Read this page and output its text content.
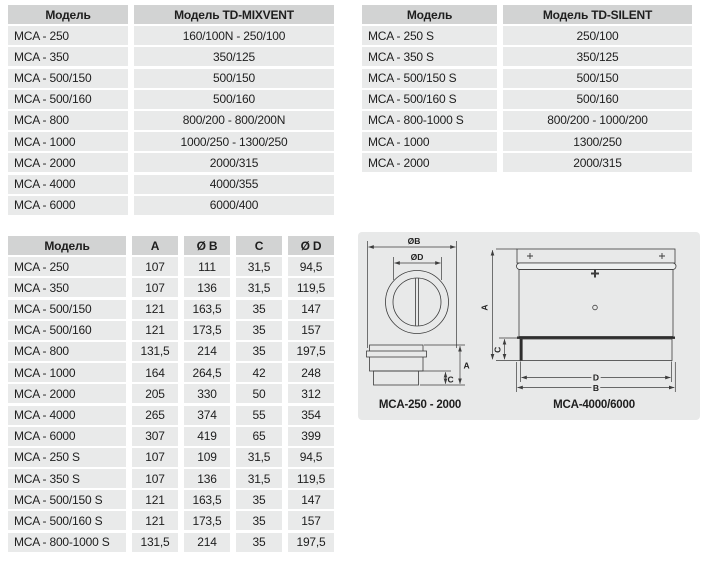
Модель	Модель TD-MIXVENT
MCA - 250	160/100N - 250/100
MCA - 350	350/125
MCA - 500/150	500/150
MCA - 500/160	500/160
MCA - 800	800/200 - 800/200N
MCA - 1000	1000/250 - 1300/250
MCA - 2000	2000/315
MCA - 4000	4000/355
MCA - 6000	6000/400
Модель	Модель TD-SILENT
MCA - 250 S	250/100
MCA - 350 S	350/125
MCA - 500/150 S	500/150
MCA - 500/160 S	500/160
MCA - 800-1000 S	800/200 - 1000/200
MCA - 1000	1300/250
MCA - 2000	2000/315
Модель	A	Ø B	C	Ø D
MCA - 250	107	111	31,5	94,5
MCA - 350	107	136	31,5	119,5
MCA - 500/150	121	163,5	35	147
MCA - 500/160	121	173,5	35	157
MCA - 800	131,5	214	35	197,5
MCA - 1000	164	264,5	42	248
MCA - 2000	205	330	50	312
MCA - 4000	265	374	55	354
MCA - 6000	307	419	65	399
MCA - 250 S	107	109	31,5	94,5
MCA - 350 S	107	136	31,5	119,5
MCA - 500/150 S	121	163,5	35	147
MCA - 500/160 S	121	173,5	35	157
MCA - 800-1000 S	131,5	214	35	197,5
ØB
ØD
A
C
A
C
D
B
MCA-250 - 2000	MCA-4000/6000
